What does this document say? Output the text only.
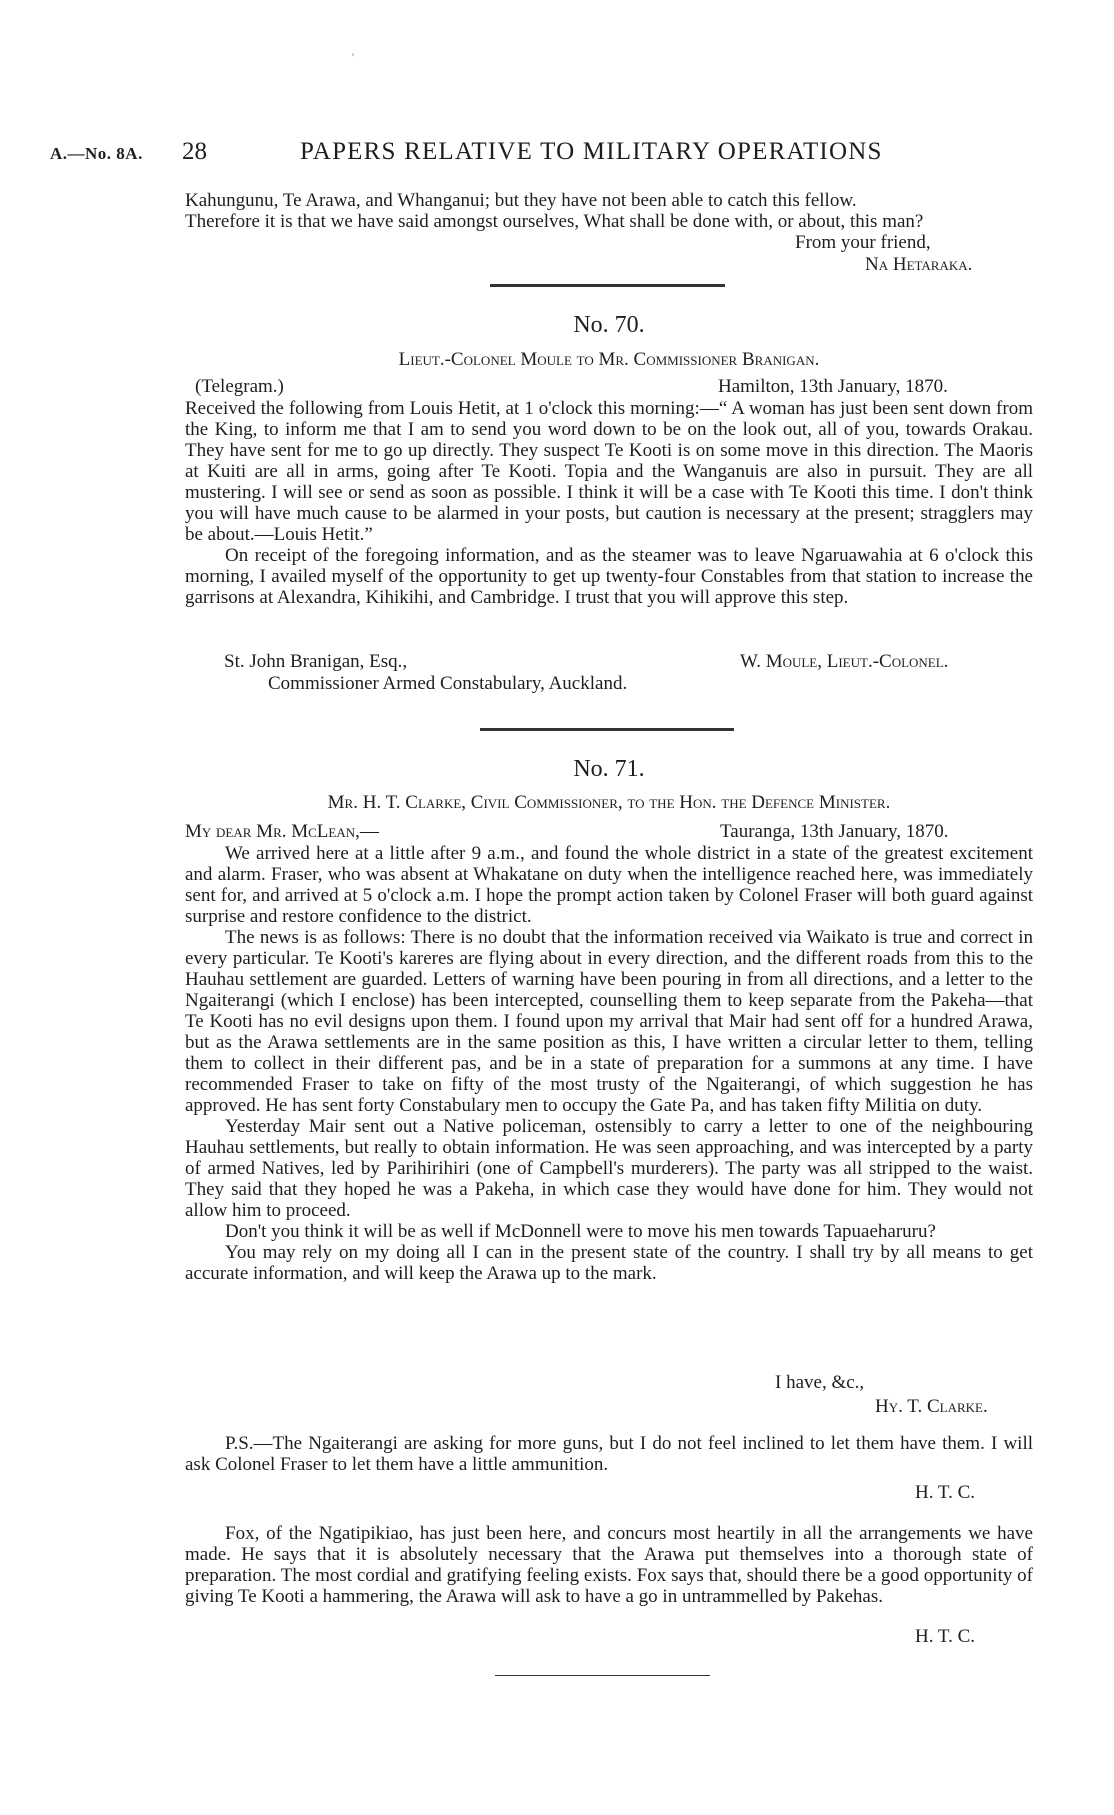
'
A.—No. 8A. 28	PAPERS RELATIVE TO MILITARY OPERATIONS
Kahungunu, Te Arawa, and Whanganui; but they have not been able to catch this fellow.
Therefore it is that we have said amongst ourselves, What shall be done with, or about, this man?
From your friend,
Na Hetaraka.
No. 70.
Lieut.-Colonel Moule to Mr. Commissioner Branigan.
(Telegram.)	Hamilton, 13th January, 1870.

Received the following from Louis Hetit, at 1 o'clock this morning:—“ A woman has just been sent down from the King, to inform me that I am to send you word down to be on the look out, all of you, towards Orakau. They have sent for me to go up directly. They suspect Te Kooti is on some move in this direction. The Maoris at Kuiti are all in arms, going after Te Kooti. Topia and the Wanganuis are also in pursuit. They are all mustering. I will see or send as soon as possible. I think it will be a case with Te Kooti this time. I don't think you will have much cause to be alarmed in your posts, but caution is necessary at the present; stragglers may be about.—Louis Hetit.”

On receipt of the foregoing information, and as the steamer was to leave Ngaruawahia at 6 o'clock this morning, I availed myself of the opportunity to get up twenty-four Constables from that station to increase the garrisons at Alexandra, Kihikihi, and Cambridge. I trust that you will approve this step.

St. John Branigan, Esq.,	W. Moule, Lieut.-Colonel.
Commissioner Armed Constabulary, Auckland.
No. 71.
Mr. H. T. Clarke, Civil Commissioner, to the Hon. the Defence Minister.
My dear Mr. McLean,—	Tauranga, 13th January, 1870.

We arrived here at a little after 9 a.m., and found the whole district in a state of the greatest excitement and alarm. Fraser, who was absent at Whakatane on duty when the intelligence reached here, was immediately sent for, and arrived at 5 o'clock a.m. I hope the prompt action taken by Colonel Fraser will both guard against surprise and restore confidence to the district.

The news is as follows: There is no doubt that the information received via Waikato is true and correct in every particular. Te Kooti's kareres are flying about in every direction, and the different roads from this to the Hauhau settlement are guarded. Letters of warning have been pouring in from all directions, and a letter to the Ngaiterangi (which I enclose) has been intercepted, counselling them to keep separate from the Pakeha—that Te Kooti has no evil designs upon them. I found upon my arrival that Mair had sent off for a hundred Arawa, but as the Arawa settlements are in the same position as this, I have written a circular letter to them, telling them to collect in their different pas, and be in a state of preparation for a summons at any time. I have recommended Fraser to take on fifty of the most trusty of the Ngaiterangi, of which suggestion he has approved. He has sent forty Constabulary men to occupy the Gate Pa, and has taken fifty Militia on duty.

Yesterday Mair sent out a Native policeman, ostensibly to carry a letter to one of the neighbouring Hauhau settlements, but really to obtain information. He was seen approaching, and was intercepted by a party of armed Natives, led by Parihirihiri (one of Campbell's murderers). The party was all stripped to the waist. They said that they hoped he was a Pakeha, in which case they would have done for him. They would not allow him to proceed.

Don't you think it will be as well if McDonnell were to move his men towards Tapuaeharuru?

You may rely on my doing all I can in the present state of the country. I shall try by all means to get accurate information, and will keep the Arawa up to the mark.

I have, &c.,
Hy. T. Clarke.

P.S.—The Ngaiterangi are asking for more guns, but I do not feel inclined to let them have them. I will ask Colonel Fraser to let them have a little ammunition.

H. T. C.

Fox, of the Ngatipikiao, has just been here, and concurs most heartily in all the arrangements we have made. He says that it is absolutely necessary that the Arawa put themselves into a thorough state of preparation. The most cordial and gratifying feeling exists. Fox says that, should there be a good opportunity of giving Te Kooti a hammering, the Arawa will ask to have a go in untrammelled by Pakehas.

H. T. C.
